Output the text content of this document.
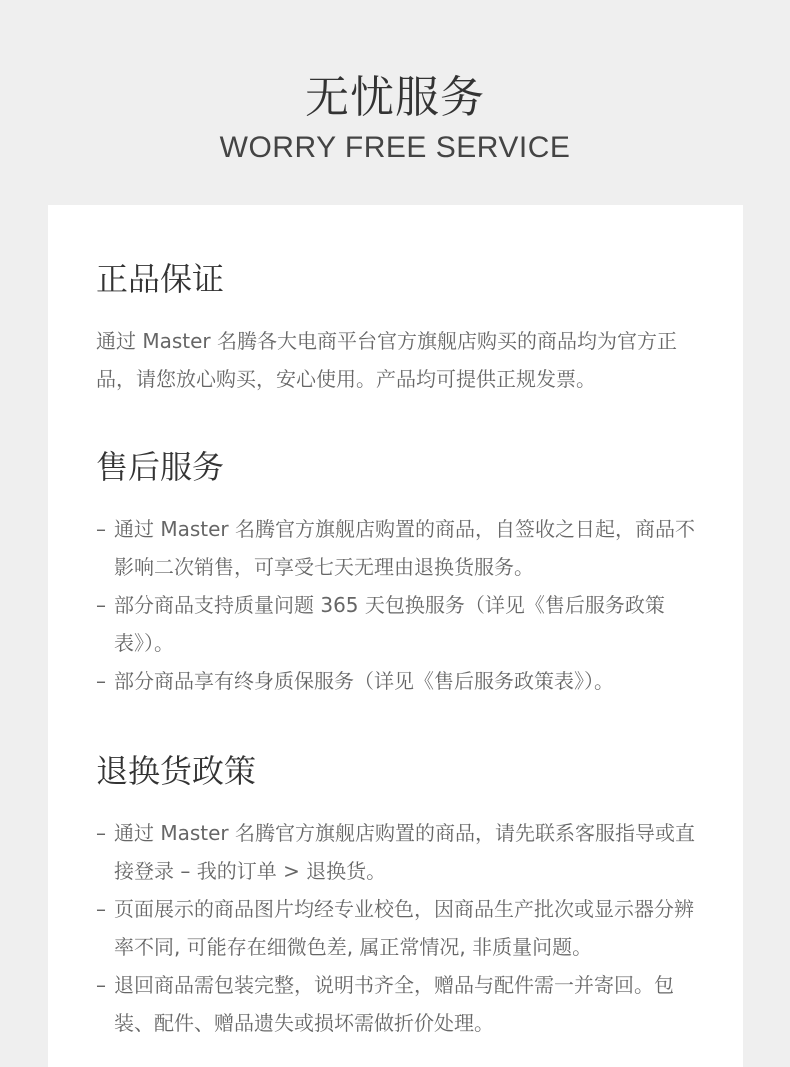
无忧服务
WORRY FREE SERVICE
正品保证

通过 Master 名腾各大电商平台官方旗舰店购买的商品均为官方正品，请您放心购买，安心使用。产品均可提供正规发票。

售后服务
– 通过 Master 名腾官方旗舰店购置的商品，自签收之日起，商品不影响二次销售，可享受七天无理由退换货服务。
– 部分商品支持质量问题 365 天包换服务（详见《售后服务政策表》）。
– 部分商品享有终身质保服务（详见《售后服务政策表》）。
退换货政策
– 通过 Master 名腾官方旗舰店购置的商品，请先联系客服指导或直接登录 – 我的订单 > 退换货。
– 页面展示的商品图片均经专业校色，因商品生产批次或显示器分辨率不同, 可能存在细微色差, 属正常情况, 非质量问题。
– 退回商品需包装完整，说明书齐全，赠品与配件需一并寄回。包装、配件、赠品遗失或损坏需做折价处理。
